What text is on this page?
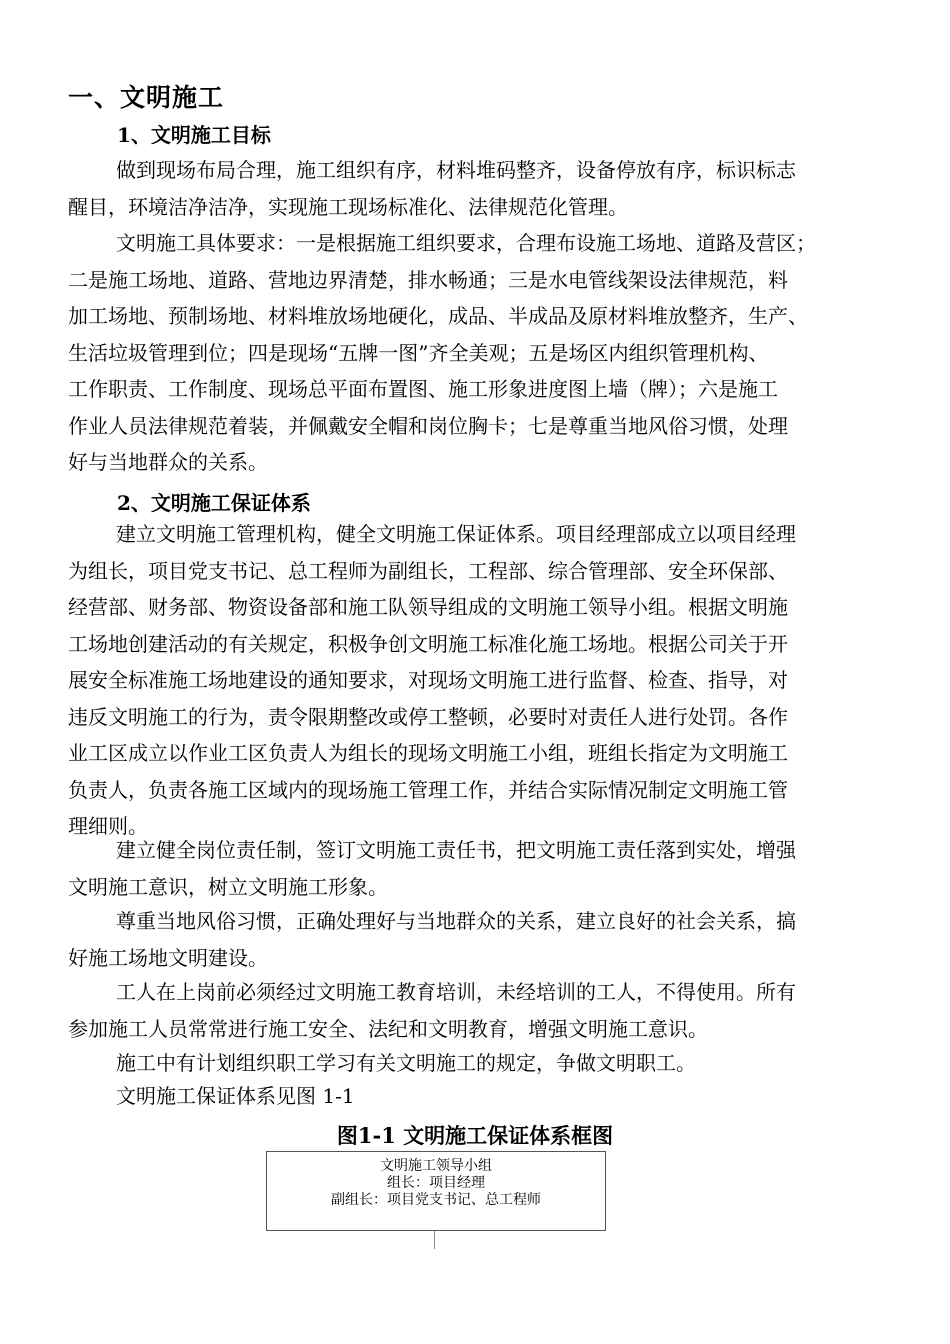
一、文明施工
1、文明施工目标
做到现场布局合理，施工组织有序，材料堆码整齐，设备停放有序，标识标志
醒目，环境洁净洁净，实现施工现场标准化、法律规范化管理。
文明施工具体要求：一是根据施工组织要求，合理布设施工场地、道路及营区；
二是施工场地、道路、营地边界清楚，排水畅通；三是水电管线架设法律规范，料
加工场地、预制场地、材料堆放场地硬化，成品、半成品及原材料堆放整齐，生产、
生活垃圾管理到位；四是现场“五牌一图”齐全美观；五是场区内组织管理机构、
工作职责、工作制度、现场总平面布置图、施工形象进度图上墙（牌）；六是施工
作业人员法律规范着装，并佩戴安全帽和岗位胸卡；七是尊重当地风俗习惯，处理
好与当地群众的关系。
2、文明施工保证体系
建立文明施工管理机构，健全文明施工保证体系。项目经理部成立以项目经理
为组长，项目党支书记、总工程师为副组长，工程部、综合管理部、安全环保部、
经营部、财务部、物资设备部和施工队领导组成的文明施工领导小组。根据文明施
工场地创建活动的有关规定，积极争创文明施工标准化施工场地。根据公司关于开
展安全标准施工场地建设的通知要求，对现场文明施工进行监督、检查、指导，对
违反文明施工的行为，责令限期整改或停工整顿，必要时对责任人进行处罚。各作
业工区成立以作业工区负责人为组长的现场文明施工小组，班组长指定为文明施工
负责人，负责各施工区域内的现场施工管理工作，并结合实际情况制定文明施工管
理细则。
建立健全岗位责任制，签订文明施工责任书，把文明施工责任落到实处，增强
文明施工意识，树立文明施工形象。
尊重当地风俗习惯，正确处理好与当地群众的关系，建立良好的社会关系，搞
好施工场地文明建设。
工人在上岗前必须经过文明施工教育培训，未经培训的工人，不得使用。所有
参加施工人员常常进行施工安全、法纪和文明教育，增强文明施工意识。
施工中有计划组织职工学习有关文明施工的规定，争做文明职工。
文明施工保证体系见图 1-1
图1-1 文明施工保证体系框图
文明施工领导小组
组长：项目经理
副组长：项目党支书记、总工程师
